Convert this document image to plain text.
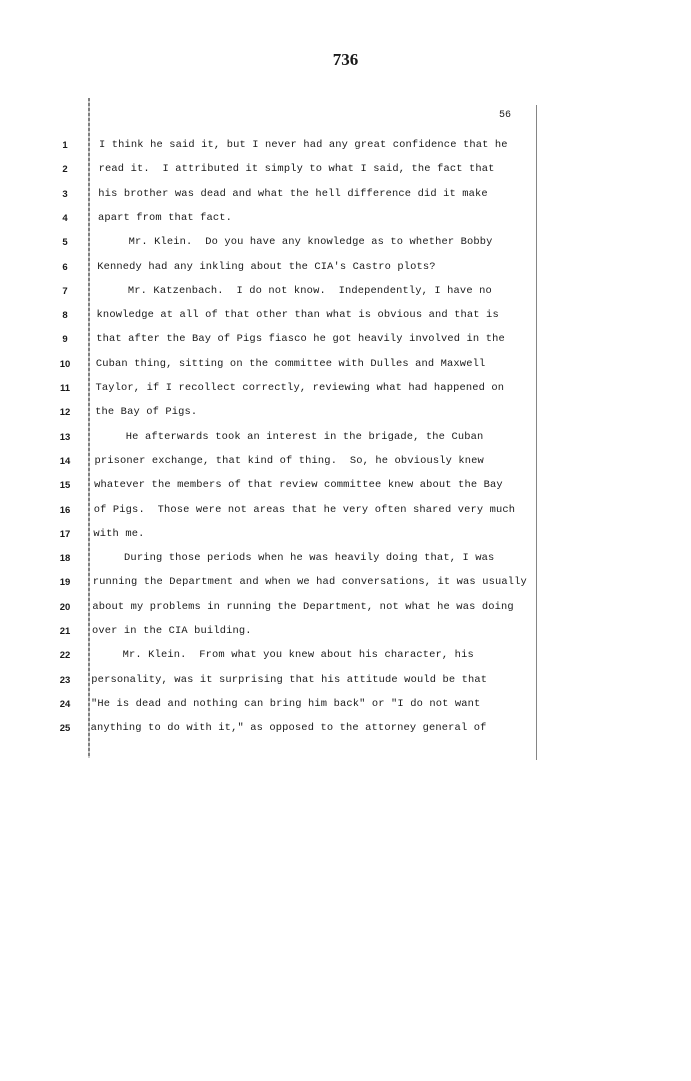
736
56
1	I think he said it, but I never had any great confidence that he
2	read it.  I attributed it simply to what I said, the fact that
3	his brother was dead and what the hell difference did it make
4	apart from that fact.
5	Mr. Klein.  Do you have any knowledge as to whether Bobby
6	Kennedy had any inkling about the CIA's Castro plots?
7	Mr. Katzenbach.  I do not know.  Independently, I have no
8	knowledge at all of that other than what is obvious and that is
9	that after the Bay of Pigs fiasco he got heavily involved in the
10	Cuban thing, sitting on the committee with Dulles and Maxwell
11	Taylor, if I recollect correctly, reviewing what had happened on
12	the Bay of Pigs.
13	He afterwards took an interest in the brigade, the Cuban
14	prisoner exchange, that kind of thing.  So, he obviously knew
15	whatever the members of that review committee knew about the Bay
16	of Pigs.  Those were not areas that he very often shared very much
17	with me.
18	During those periods when he was heavily doing that, I was
19	running the Department and when we had conversations, it was usually
20	about my problems in running the Department, not what he was doing
21	over in the CIA building.
22	Mr. Klein.  From what you knew about his character, his
23	personality, was it surprising that his attitude would be that
24	"He is dead and nothing can bring him back" or "I do not want
25	anything to do with it," as opposed to the attorney general of
